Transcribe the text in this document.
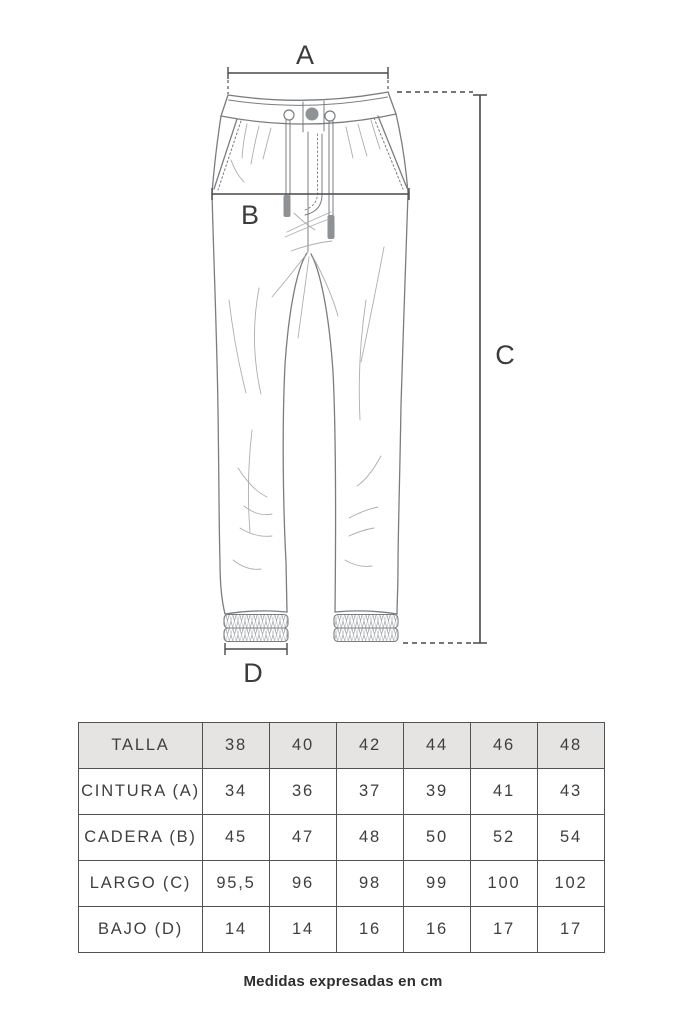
A
B
C
D
TALLA	38	40	42	44	46	48
CINTURA (A)	34	36	37	39	41	43
CADERA (B)	45	47	48	50	52	54
LARGO (C)	95,5	96	98	99	100	102
BAJO (D)	14	14	16	16	17	17
Medidas expresadas en cm
